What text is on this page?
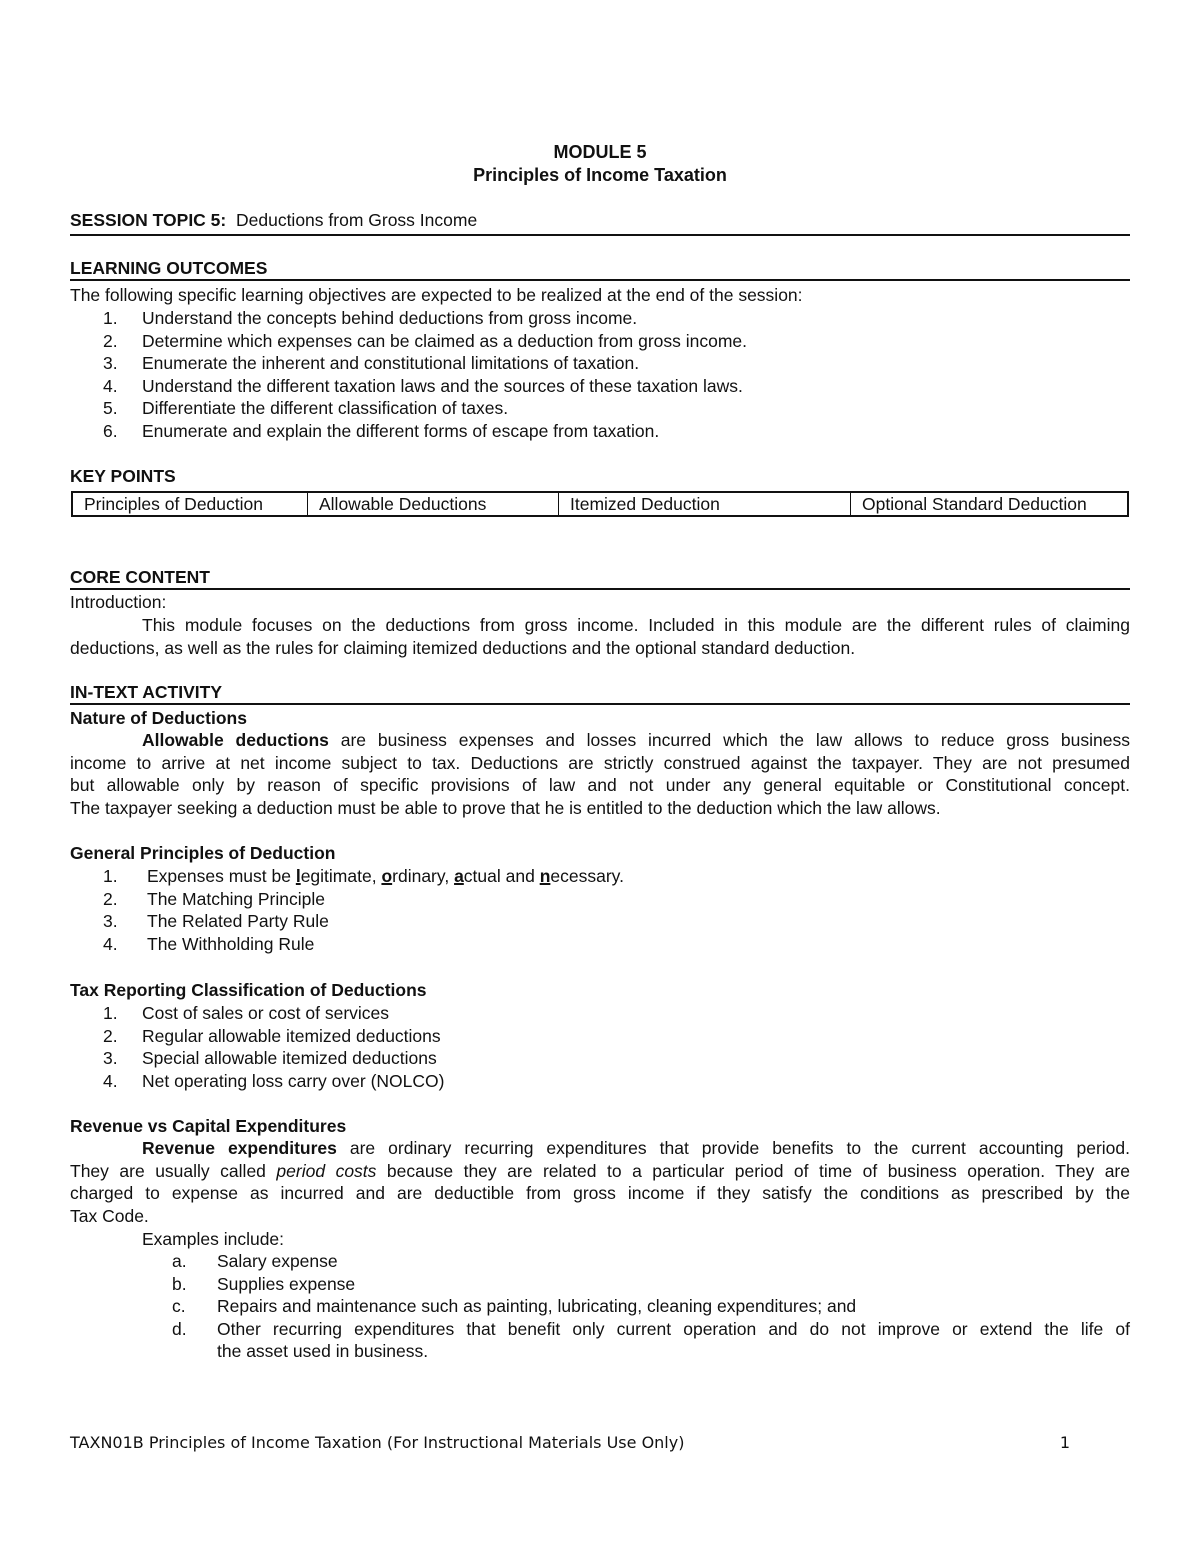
MODULE 5
Principles of Income Taxation
SESSION TOPIC 5: Deductions from Gross Income
LEARNING OUTCOMES
The following specific learning objectives are expected to be realized at the end of the session:
1. Understand the concepts behind deductions from gross income.
2. Determine which expenses can be claimed as a deduction from gross income.
3. Enumerate the inherent and constitutional limitations of taxation.
4. Understand the different taxation laws and the sources of these taxation laws.
5. Differentiate the different classification of taxes.
6. Enumerate and explain the different forms of escape from taxation.
KEY POINTS
Principles of Deduction	Allowable Deductions	Itemized Deduction	Optional Standard Deduction
CORE CONTENT
Introduction:
This module focuses on the deductions from gross income. Included in this module are the different rules of claiming
deductions, as well as the rules for claiming itemized deductions and the optional standard deduction.
IN-TEXT ACTIVITY
Nature of Deductions
Allowable deductions are business expenses and losses incurred which the law allows to reduce gross business
income to arrive at net income subject to tax. Deductions are strictly construed against the taxpayer. They are not presumed
but allowable only by reason of specific provisions of law and not under any general equitable or Constitutional concept.
The taxpayer seeking a deduction must be able to prove that he is entitled to the deduction which the law allows.
General Principles of Deduction
1. Expenses must be legitimate, ordinary, actual and necessary.
2. The Matching Principle
3. The Related Party Rule
4. The Withholding Rule
Tax Reporting Classification of Deductions
1. Cost of sales or cost of services
2. Regular allowable itemized deductions
3. Special allowable itemized deductions
4. Net operating loss carry over (NOLCO)
Revenue vs Capital Expenditures
Revenue expenditures are ordinary recurring expenditures that provide benefits to the current accounting period.
They are usually called period costs because they are related to a particular period of time of business operation. They are
charged to expense as incurred and are deductible from gross income if they satisfy the conditions as prescribed by the
Tax Code.
Examples include:
a. Salary expense
b. Supplies expense
c. Repairs and maintenance such as painting, lubricating, cleaning expenditures; and
d. Other recurring expenditures that benefit only current operation and do not improve or extend the life of
the asset used in business.
TAXN01B Principles of Income Taxation (For Instructional Materials Use Only)	1
